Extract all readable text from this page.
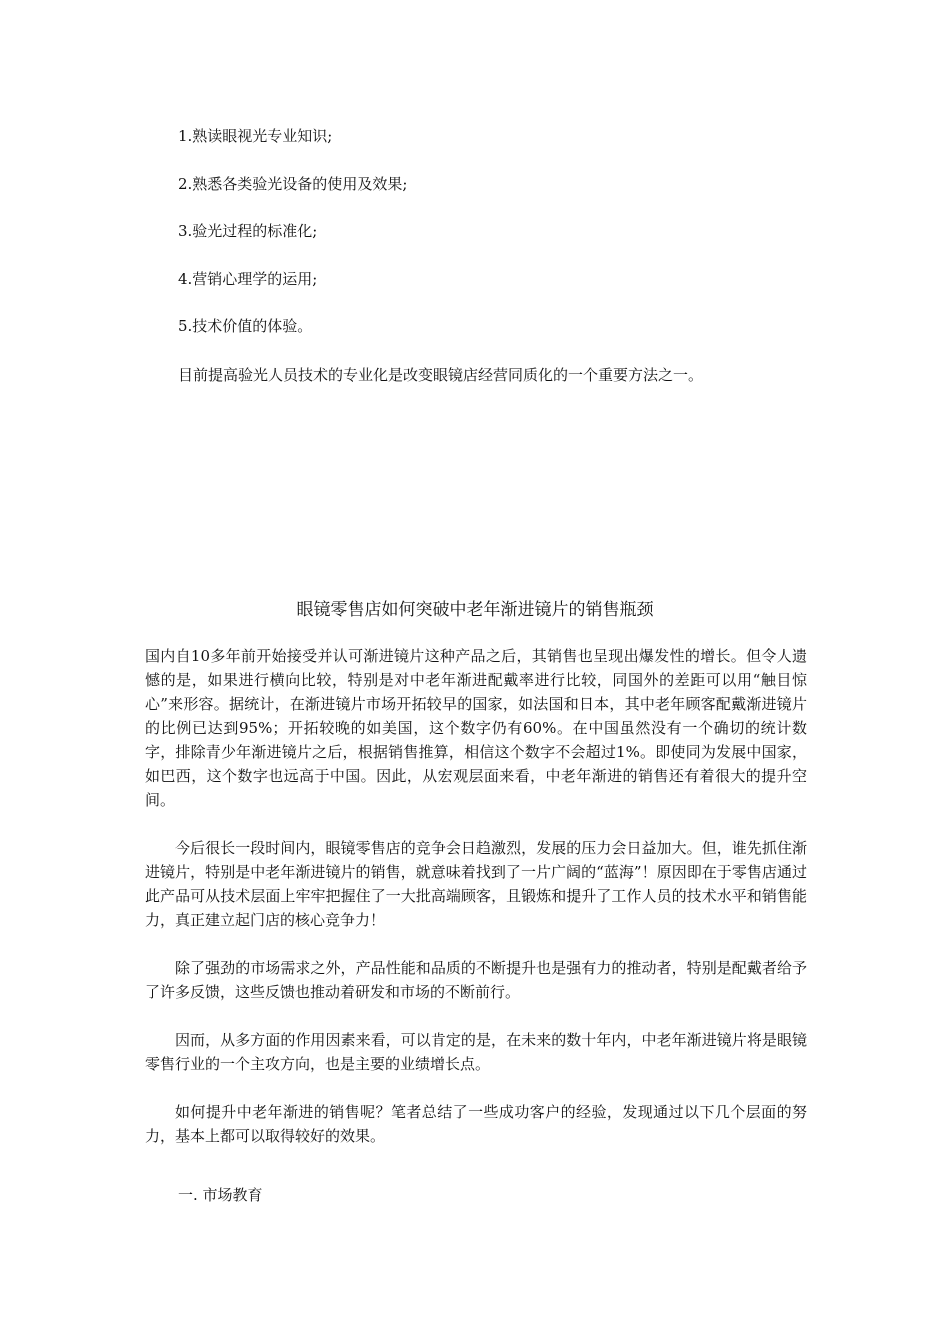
1.熟读眼视光专业知识;
2.熟悉各类验光设备的使用及效果;
3.验光过程的标准化;
4.营销心理学的运用;
5.技术价值的体验。

目前提高验光人员技术的专业化是改变眼镜店经营同质化的一个重要方法之一。

眼镜零售店如何突破中老年渐进镜片的销售瓶颈

国内自10多年前开始接受并认可渐进镜片这种产品之后，其销售也呈现出爆发性的增长。但令人遗憾的是，如果进行横向比较，特别是对中老年渐进配戴率进行比较，同国外的差距可以用“触目惊心”来形容。据统计，在渐进镜片市场开拓较早的国家，如法国和日本，其中老年顾客配戴渐进镜片的比例已达到95%；开拓较晚的如美国，这个数字仍有60%。在中国虽然没有一个确切的统计数字，排除青少年渐进镜片之后，根据销售推算，相信这个数字不会超过1%。即使同为发展中国家，如巴西，这个数字也远高于中国。因此，从宏观层面来看，中老年渐进的销售还有着很大的提升空间。

今后很长一段时间内，眼镜零售店的竞争会日趋激烈，发展的压力会日益加大。但，谁先抓住渐进镜片，特别是中老年渐进镜片的销售，就意味着找到了一片广阔的“蓝海”！原因即在于零售店通过此产品可从技术层面上牢牢把握住了一大批高端顾客，且锻炼和提升了工作人员的技术水平和销售能力，真正建立起门店的核心竞争力！

除了强劲的市场需求之外，产品性能和品质的不断提升也是强有力的推动者，特别是配戴者给予了许多反馈，这些反馈也推动着研发和市场的不断前行。

因而，从多方面的作用因素来看，可以肯定的是，在未来的数十年内，中老年渐进镜片将是眼镜零售行业的一个主攻方向，也是主要的业绩增长点。

如何提升中老年渐进的销售呢？笔者总结了一些成功客户的经验，发现通过以下几个层面的努力，基本上都可以取得较好的效果。

一. 市场教育
